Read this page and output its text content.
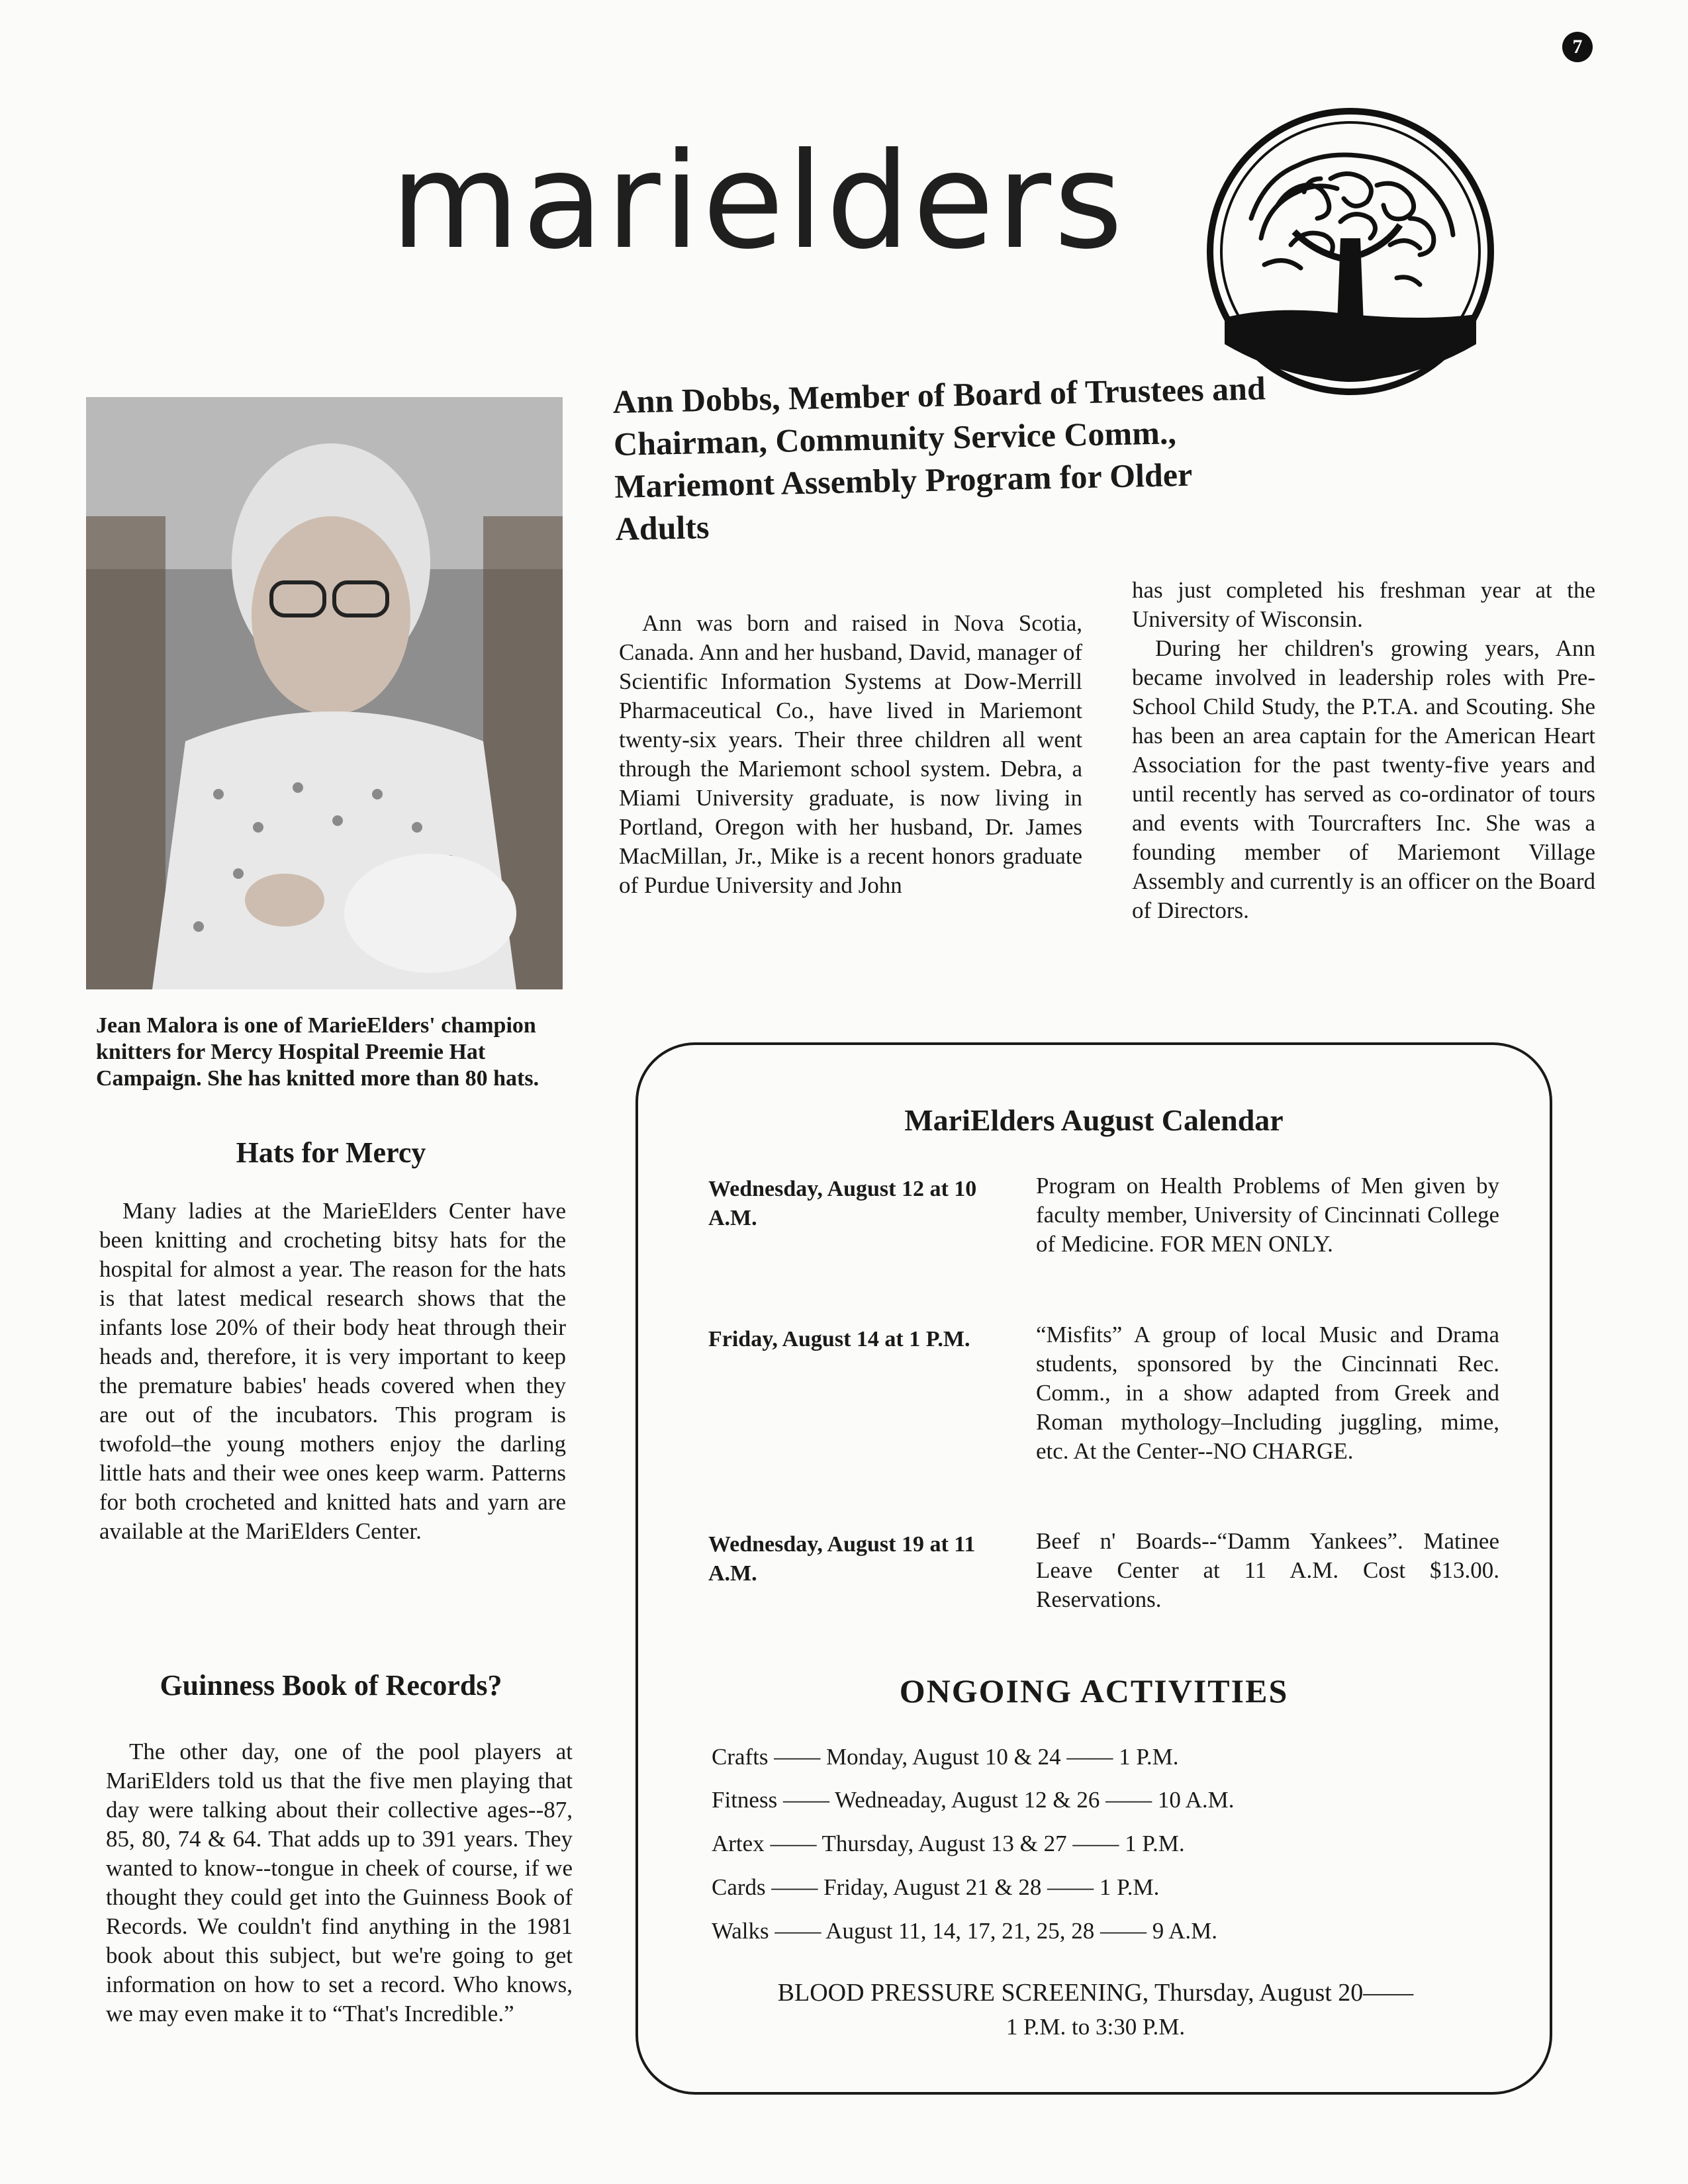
7
marielders
Jean Malora is one of MarieElders' champion knitters for Mercy Hospital Preemie Hat Campaign. She has knitted more than 80 hats.
Hats for Mercy
Many ladies at the MarieElders Center have been knitting and crocheting bitsy hats for the hospital for almost a year. The reason for the hats is that latest medical research shows that the infants lose 20% of their body heat through their heads and, therefore, it is very important to keep the premature babies' heads covered when they are out of the incubators. This program is twofold–the young mothers enjoy the darling little hats and their wee ones keep warm. Patterns for both crocheted and knitted hats and yarn are available at the MariElders Center.
Guinness Book of Records?
The other day, one of the pool players at MariElders told us that the five men playing that day were talking about their collective ages--87, 85, 80, 74 & 64. That adds up to 391 years. They wanted to know--tongue in cheek of course, if we thought they could get into the Guinness Book of Records. We couldn't find anything in the 1981 book about this subject, but we're going to get information on how to set a record. Who knows, we may even make it to “That's Incredible.”
Ann Dobbs, Member of Board of Trustees and Chairman, Community Service Comm., Mariemont Assembly Program for Older Adults
Ann was born and raised in Nova Scotia, Canada. Ann and her husband, David, manager of Scientific Information Systems at Dow-Merrill Pharmaceutical Co., have lived in Mariemont twenty-six years. Their three children all went through the Mariemont school system. Debra, a Miami University graduate, is now living in Portland, Oregon with her husband, Dr. James MacMillan, Jr., Mike is a recent honors graduate of Purdue University and John
has just completed his freshman year at the University of Wisconsin.
During her children's growing years, Ann became involved in leadership roles with Pre-School Child Study, the P.T.A. and Scouting. She has been an area captain for the American Heart Association for the past twenty-five years and until recently has served as co-ordinator of tours and events with Tourcrafters Inc. She was a founding member of Mariemont Village Assembly and currently is an officer on the Board of Directors.
MariElders August Calendar
Wednesday, August 12 at 10 A.M.
Program on Health Problems of Men given by faculty member, University of Cincinnati College of Medicine. FOR MEN ONLY.
Friday, August 14 at 1 P.M.	“Misfits” A group of local Music and Drama students, sponsored by the Cincinnati Rec. Comm., in a show adapted from Greek and Roman mythology–Including juggling, mime, etc. At the Center--NO CHARGE.
Wednesday, August 19 at 11 A.M.
Beef n' Boards--“Damm Yankees”. Matinee Leave Center at 11 A.M. Cost $13.00. Reservations.
ONGOING ACTIVITIES
Crafts —— Monday, August 10 & 24 —— 1 P.M.
Fitness —— Wedneaday, August 12 & 26 —— 10 A.M.
Artex —— Thursday, August 13 & 27 —— 1 P.M.
Cards —— Friday, August 21 & 28 —— 1 P.M.
Walks —— August 11, 14, 17, 21, 25, 28 —— 9 A.M.
BLOOD PRESSURE SCREENING, Thursday, August 20——
1 P.M. to 3:30 P.M.
